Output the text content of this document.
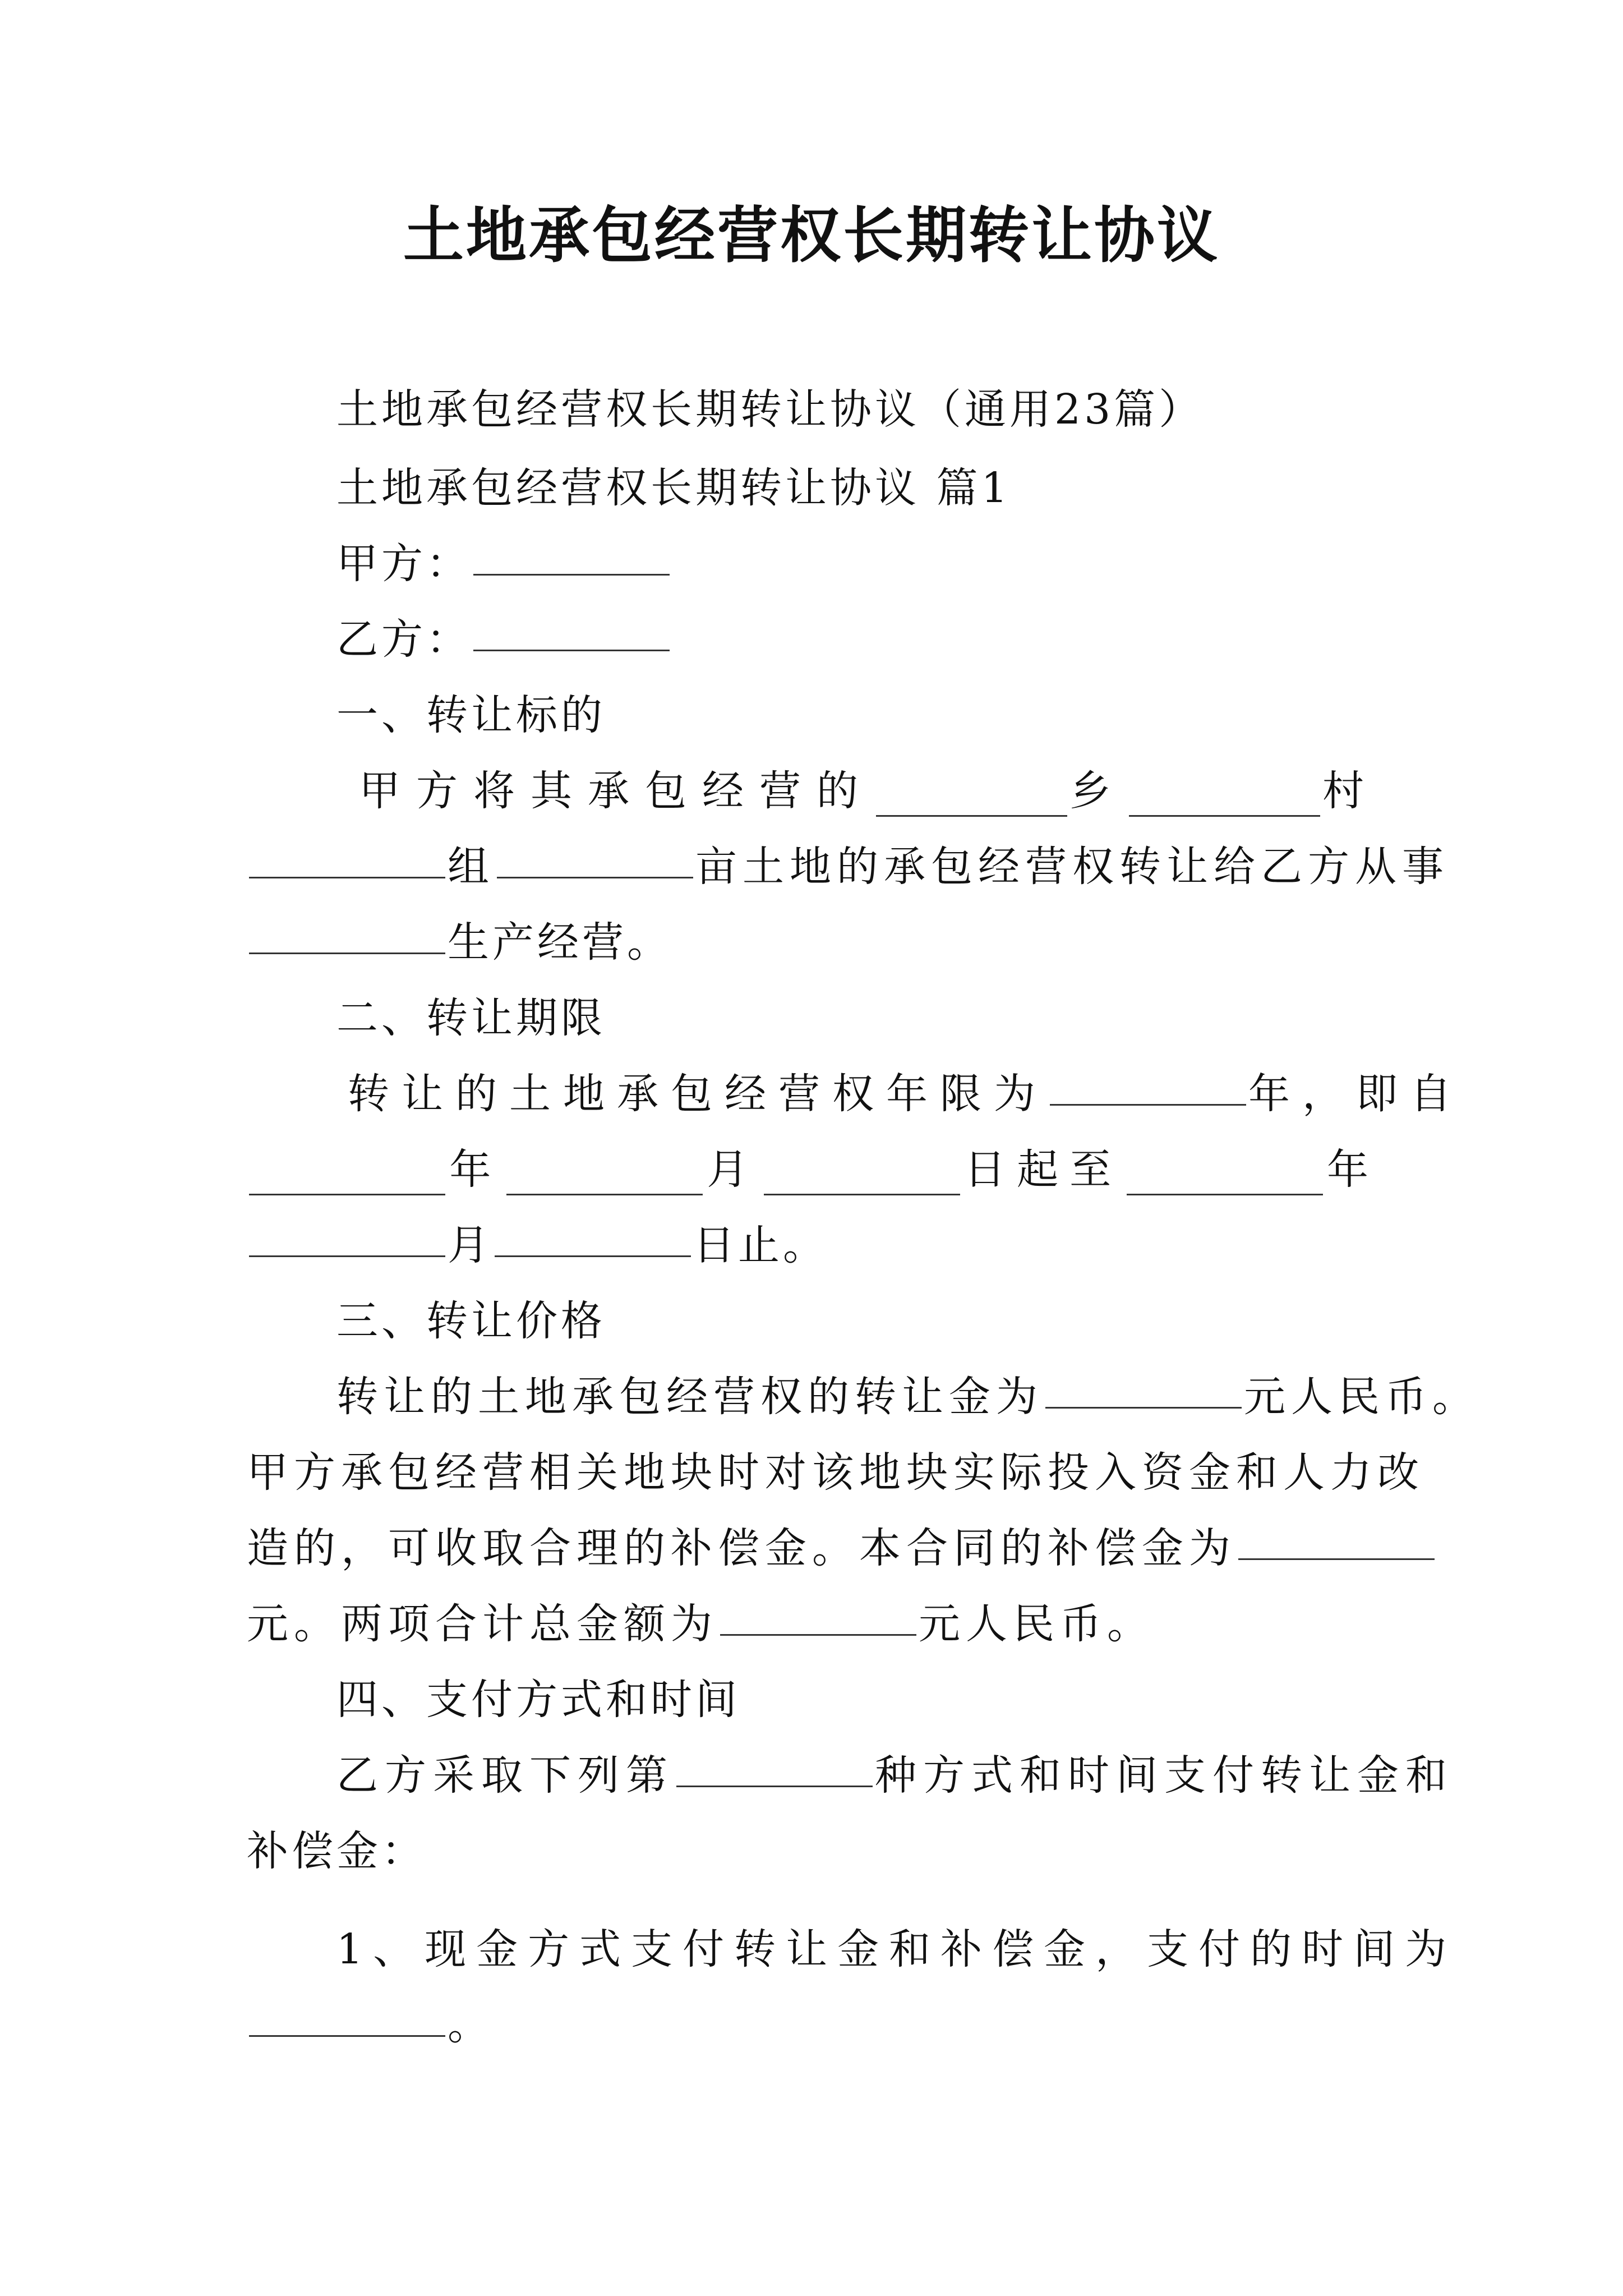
土地承包经营权长期转让协议
土地承包经营权长期转让协议（通用23篇）
土地承包经营权长期转让协议 篇1
甲方：
乙方：
一、转让标的
甲方将其承包经营的	乡	村
组	亩土地的承包经营权转让给乙方从事
生产经营。
二、转让期限
转让的土地承包经营权年限为	年，即自
年	月	日起至	年
月	日止。
三、转让价格
转让的土地承包经营权的转让金为	元人民币。
甲方承包经营相关地块时对该地块实际投入资金和人力改
造的，可收取合理的补偿金。本合同的补偿金为
元。两项合计总金额为	元人民币。
四、支付方式和时间
乙方采取下列第	种方式和时间支付转让金和
补偿金：
1、现金方式支付转让金和补偿金，支付的时间为
。
